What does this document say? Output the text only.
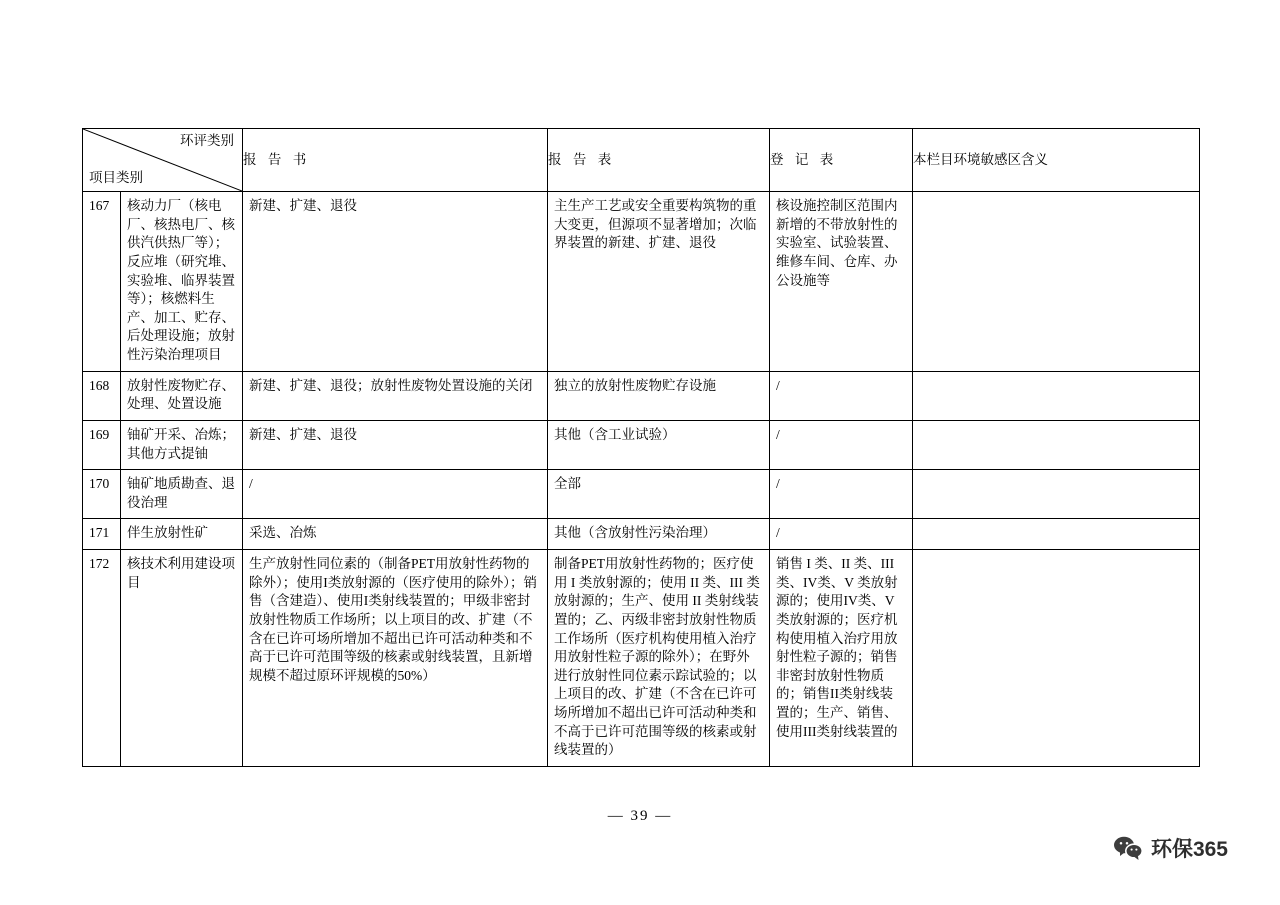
环评类别
项目类别		报 告 书	报 告 表	登 记 表	本栏目环境敏感区含义
167	核动力厂（核电厂、核热电厂、核供汽供热厂等）；反应堆（研究堆、实验堆、临界装置等）；核燃料生产、加工、贮存、后处理设施；放射性污染治理项目	新建、扩建、退役	主生产工艺或安全重要构筑物的重大变更，但源项不显著增加；次临界装置的新建、扩建、退役	核设施控制区范围内新增的不带放射性的实验室、试验装置、维修车间、仓库、办公设施等	
168	放射性废物贮存、处理、处置设施	新建、扩建、退役；放射性废物处置设施的关闭	独立的放射性废物贮存设施	/	
169	铀矿开采、冶炼；其他方式提铀	新建、扩建、退役	其他（含工业试验）	/	
170	铀矿地质勘查、退役治理	/	全部	/	
171	伴生放射性矿	采选、冶炼	其他（含放射性污染治理）	/	
172	核技术利用建设项目	生产放射性同位素的（制备PET用放射性药物的除外）；使用I类放射源的（医疗使用的除外）；销售（含建造）、使用I类射线装置的；甲级非密封放射性物质工作场所；以上项目的改、扩建（不含在已许可场所增加不超出已许可活动种类和不高于已许可范围等级的核素或射线装置，且新增规模不超过原环评规模的50%）	制备PET用放射性药物的；医疗使用 I 类放射源的；使用 II 类、III 类放射源的；生产、使用 II 类射线装置的；乙、丙级非密封放射性物质工作场所（医疗机构使用植入治疗用放射性粒子源的除外）；在野外进行放射性同位素示踪试验的；以上项目的改、扩建（不含在已许可场所增加不超出已许可活动种类和不高于已许可范围等级的核素或射线装置的）	销售 I 类、II 类、III 类、IV类、V 类放射源的；使用IV类、V 类放射源的；医疗机构使用植入治疗用放射性粒子源的；销售非密封放射性物质的；销售II类射线装置的；生产、销售、使用III类射线装置的	
— 39 —
环保365
